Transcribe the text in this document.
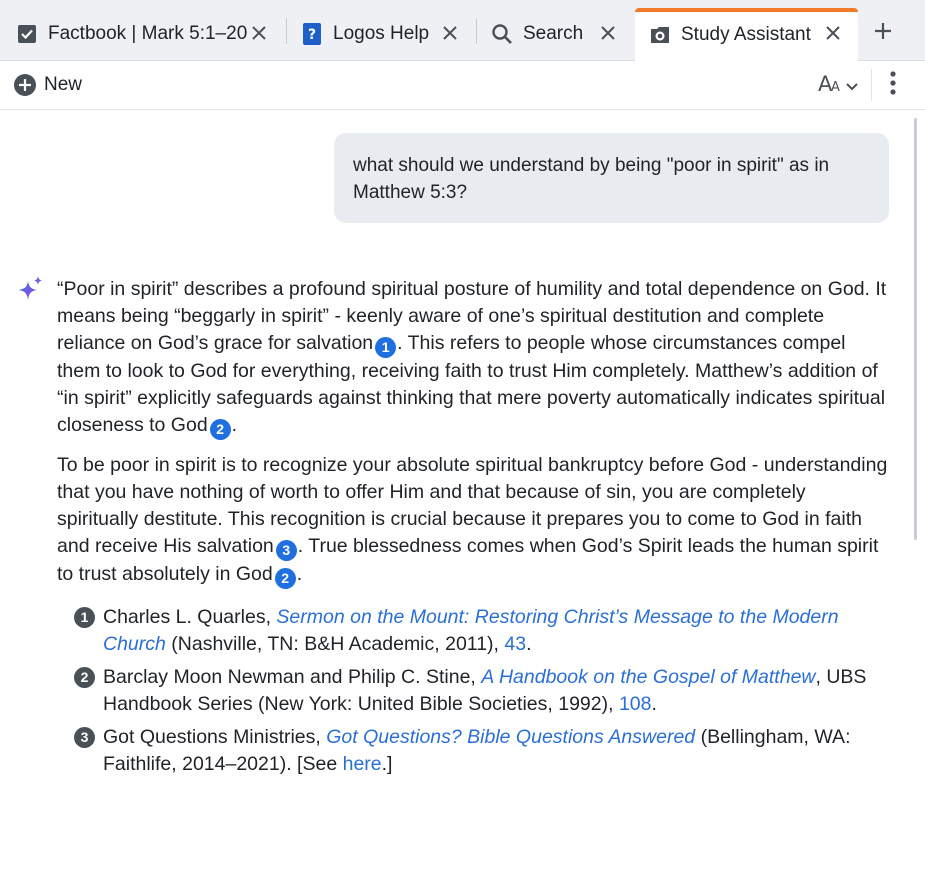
Factbook | Mark 5:1–20	? Logos Help	Search	Study Assistant
New	A
A
what should we understand by being "poor in spirit" as in Matthew 5:3?

“Poor in spirit” describes a profound spiritual posture of humility and total dependence on God. It means being “beggarly in spirit” - keenly aware of one’s spiritual destitution and complete reliance on God’s grace for salvation 1 . This refers to people whose circumstances compel them to look to God for everything, receiving faith to trust Him completely. Matthew’s addition of “in spirit” explicitly safeguards against thinking that mere poverty automatically indicates spiritual closeness to God 2 .

To be poor in spirit is to recognize your absolute spiritual bankruptcy before God - understanding that you have nothing of worth to offer Him and that because of sin, you are completely spiritually destitute. This recognition is crucial because it prepares you to come to God in faith and receive His salvation 3 . True blessedness comes when God’s Spirit leads the human spirit to trust absolutely in God 2 .

1 Charles L. Quarles, Sermon on the Mount: Restoring Christ’s Message to the Modern Church (Nashville, TN: B&H Academic, 2011), 43.
2 Barclay Moon Newman and Philip C. Stine, A Handbook on the Gospel of Matthew, UBS Handbook Series (New York: United Bible Societies, 1992), 108.
3 Got Questions Ministries, Got Questions? Bible Questions Answered (Bellingham, WA: Faithlife, 2014–2021). [See here.]
